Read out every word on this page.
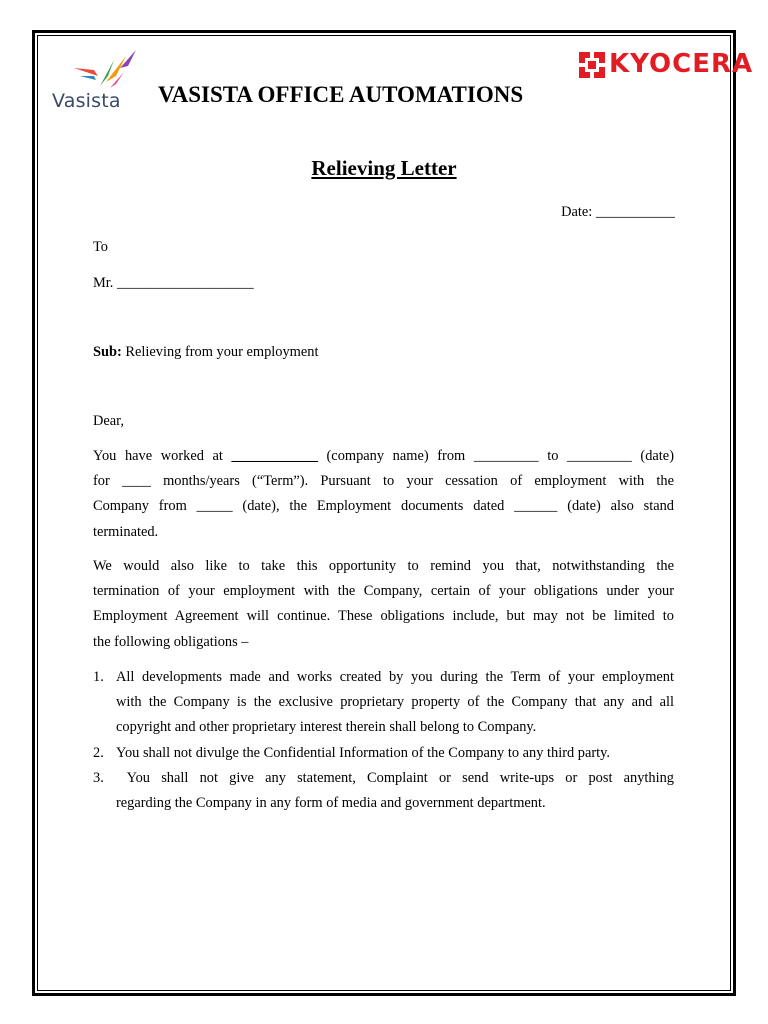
Vasista
KYOCERA
VASISTA OFFICE AUTOMATIONS
Relieving Letter
Date: ___________
To
Mr. ___________________
Sub: Relieving from your employment
Dear,
You have worked at ____________ (company name) from _________ to _________ (date)
for ____ months/years (“Term”). Pursuant to your cessation of employment with the
Company from _____ (date), the Employment documents dated ______ (date) also stand
terminated.
We would also like to take this opportunity to remind you that, notwithstanding the
termination of your employment with the Company, certain of your obligations under your
Employment Agreement will continue. These obligations include, but may not be limited to
the following obligations –
1. All developments made and works created by you during the Term of your employment
with the Company is the exclusive proprietary property of the Company that any and all
copyright and other proprietary interest therein shall belong to Company.
2. You shall not divulge the Confidential Information of the Company to any third party.
3. You shall not give any statement, Complaint or send write-ups or post anything
regarding the Company in any form of media and government department.
